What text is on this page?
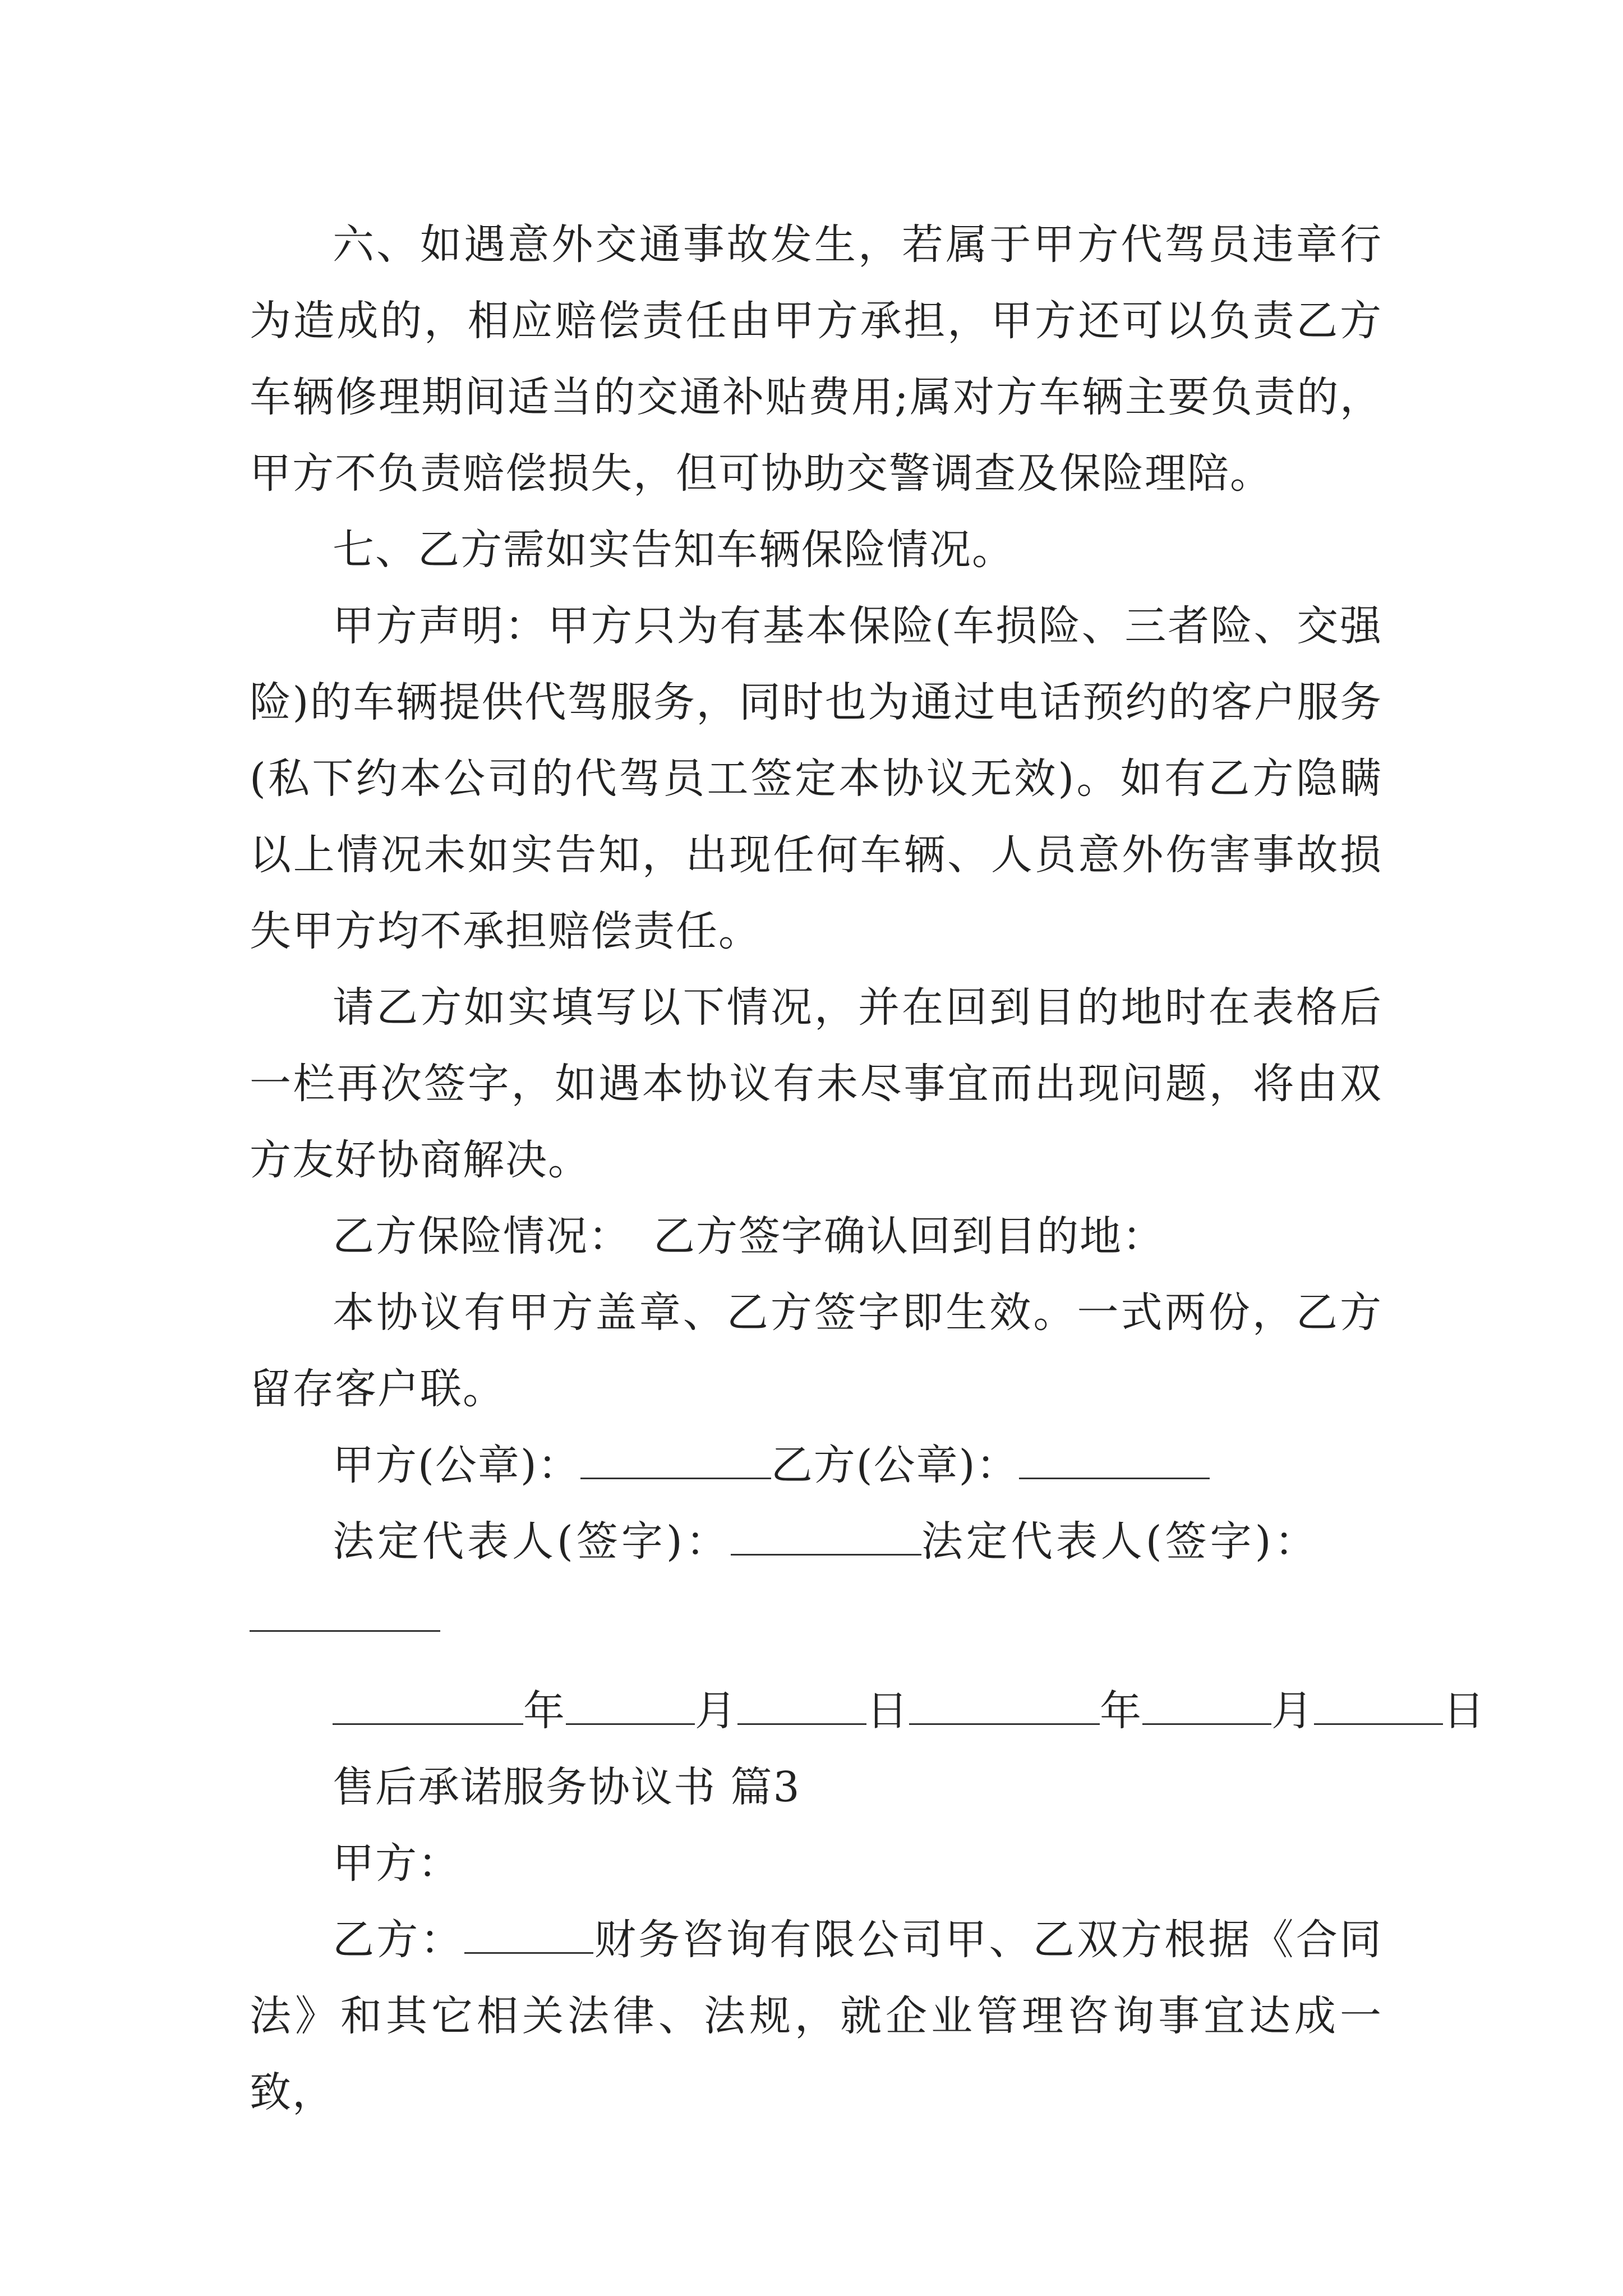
六、如遇意外交通事故发生，若属于甲方代驾员违章行为造成的，相应赔偿责任由甲方承担，甲方还可以负责乙方车辆修理期间适当的交通补贴费用;属对方车辆主要负责的，甲方不负责赔偿损失，但可协助交警调查及保险理陪。

七、乙方需如实告知车辆保险情况。

甲方声明：甲方只为有基本保险(车损险、三者险、交强险)的车辆提供代驾服务，同时也为通过电话预约的客户服务(私下约本公司的代驾员工签定本协议无效)。如有乙方隐瞒以上情况未如实告知，出现任何车辆、人员意外伤害事故损失甲方均不承担赔偿责任。

请乙方如实填写以下情况，并在回到目的地时在表格后一栏再次签字，如遇本协议有未尽事宜而出现问题，将由双方友好协商解决。

乙方保险情况： 乙方签字确认回到目的地：

本协议有甲方盖章、乙方签字即生效。一式两份，乙方留存客户联。

甲方(公章)：	乙方(公章)：

法定代表人(签字)：	法定代表人(签字)：

年	月	日	年	月	日

售后承诺服务协议书 篇3

甲方：

乙方：	财务咨询有限公司甲、乙双方根据《合同法》和其它相关法律、法规，就企业管理咨询事宜达成一致，
